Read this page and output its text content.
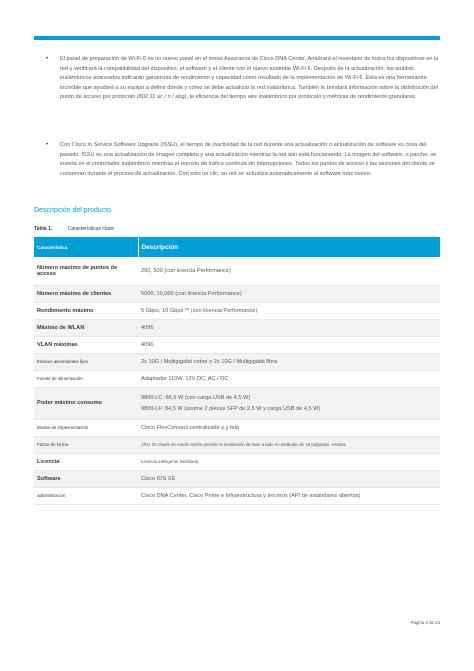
• El panel de preparación de Wi-Fi 6 es un nuevo panel en el menú Assurance de Cisco DNA Center. Analizará el inventario de todos los dispositivos en la red y verificará la compatibilidad del dispositivo, el software y el cliente con el nuevo estándar Wi-Fi 6. Después de la actualización, los análisis inalámbricos avanzados indicarán ganancias de rendimiento y capacidad como resultado de la implementación de Wi-Fi 6. Esta es una herramienta increíble que ayudará a su equipo a definir dónde y cómo se debe actualizar la red inalámbrica. También le brindará información sobre la distribución del punto de acceso por protocolo (802.11 ac / n / abg), la eficiencia del tiempo aire inalámbrico por protocolo y métricas de rendimiento granulares.
• Con Cisco In Service Software Upgrade (ISSU), el tiempo de inactividad de la red durante una actualización o actualización de software es cosa del pasado. ISSU es una actualización de imagen completa y una actualización mientras la red aún está funcionando. La imagen del software, o parche, se inserta en el controlador inalámbrico mientras el reenvío de tráfico continúa sin interrupciones. Todos los puntos de acceso y las sesiones del cliente se conservan durante el proceso de actualización. Con solo un clic, su red se actualiza automáticamente al software más nuevo.
Descripción del producto
Tabla 1.	Características clave
Característica	Descripción
Número máximo de puntos de acceso	250, 500 (con licencia Performance)

Número máximo de clientes	5000, 10,000 (con licencia Performance)

Rendimiento máximo	5 Gbps, 10 Gbps ** (con licencia Performance)

Máximo de WLAN	4096

VLAN máximas	4096

Enlaces ascendentes fijos	2x 10G / Multigigabit cobre o 2x 10G / Multigigabit fibra

Fuente de alimentación	Adaptador 110W, 12V DC, AC / DC

Poder máximo consumo	9800-LC: 86,9 W (con carga USB de 4,5 W)
9800-LF: 84,5 W (asume 2 piezas SFP de 2,5 W y carga USB de 4,5 W)

Modos de implementación	Cisco FlexConnect centralizado y y telá

Factor de forma	1RU. El chasis de medio ancho permite la instalación de lado a lado en estándar de 19 pulgadas. estante

Licencia	Licencia inteligente habilitada

Software	Cisco IOS XE

administración	Cisco DNA Center, Cisco Prime e Infraestructura y terceros (API de estándares abiertos)
Página 4 de 23
